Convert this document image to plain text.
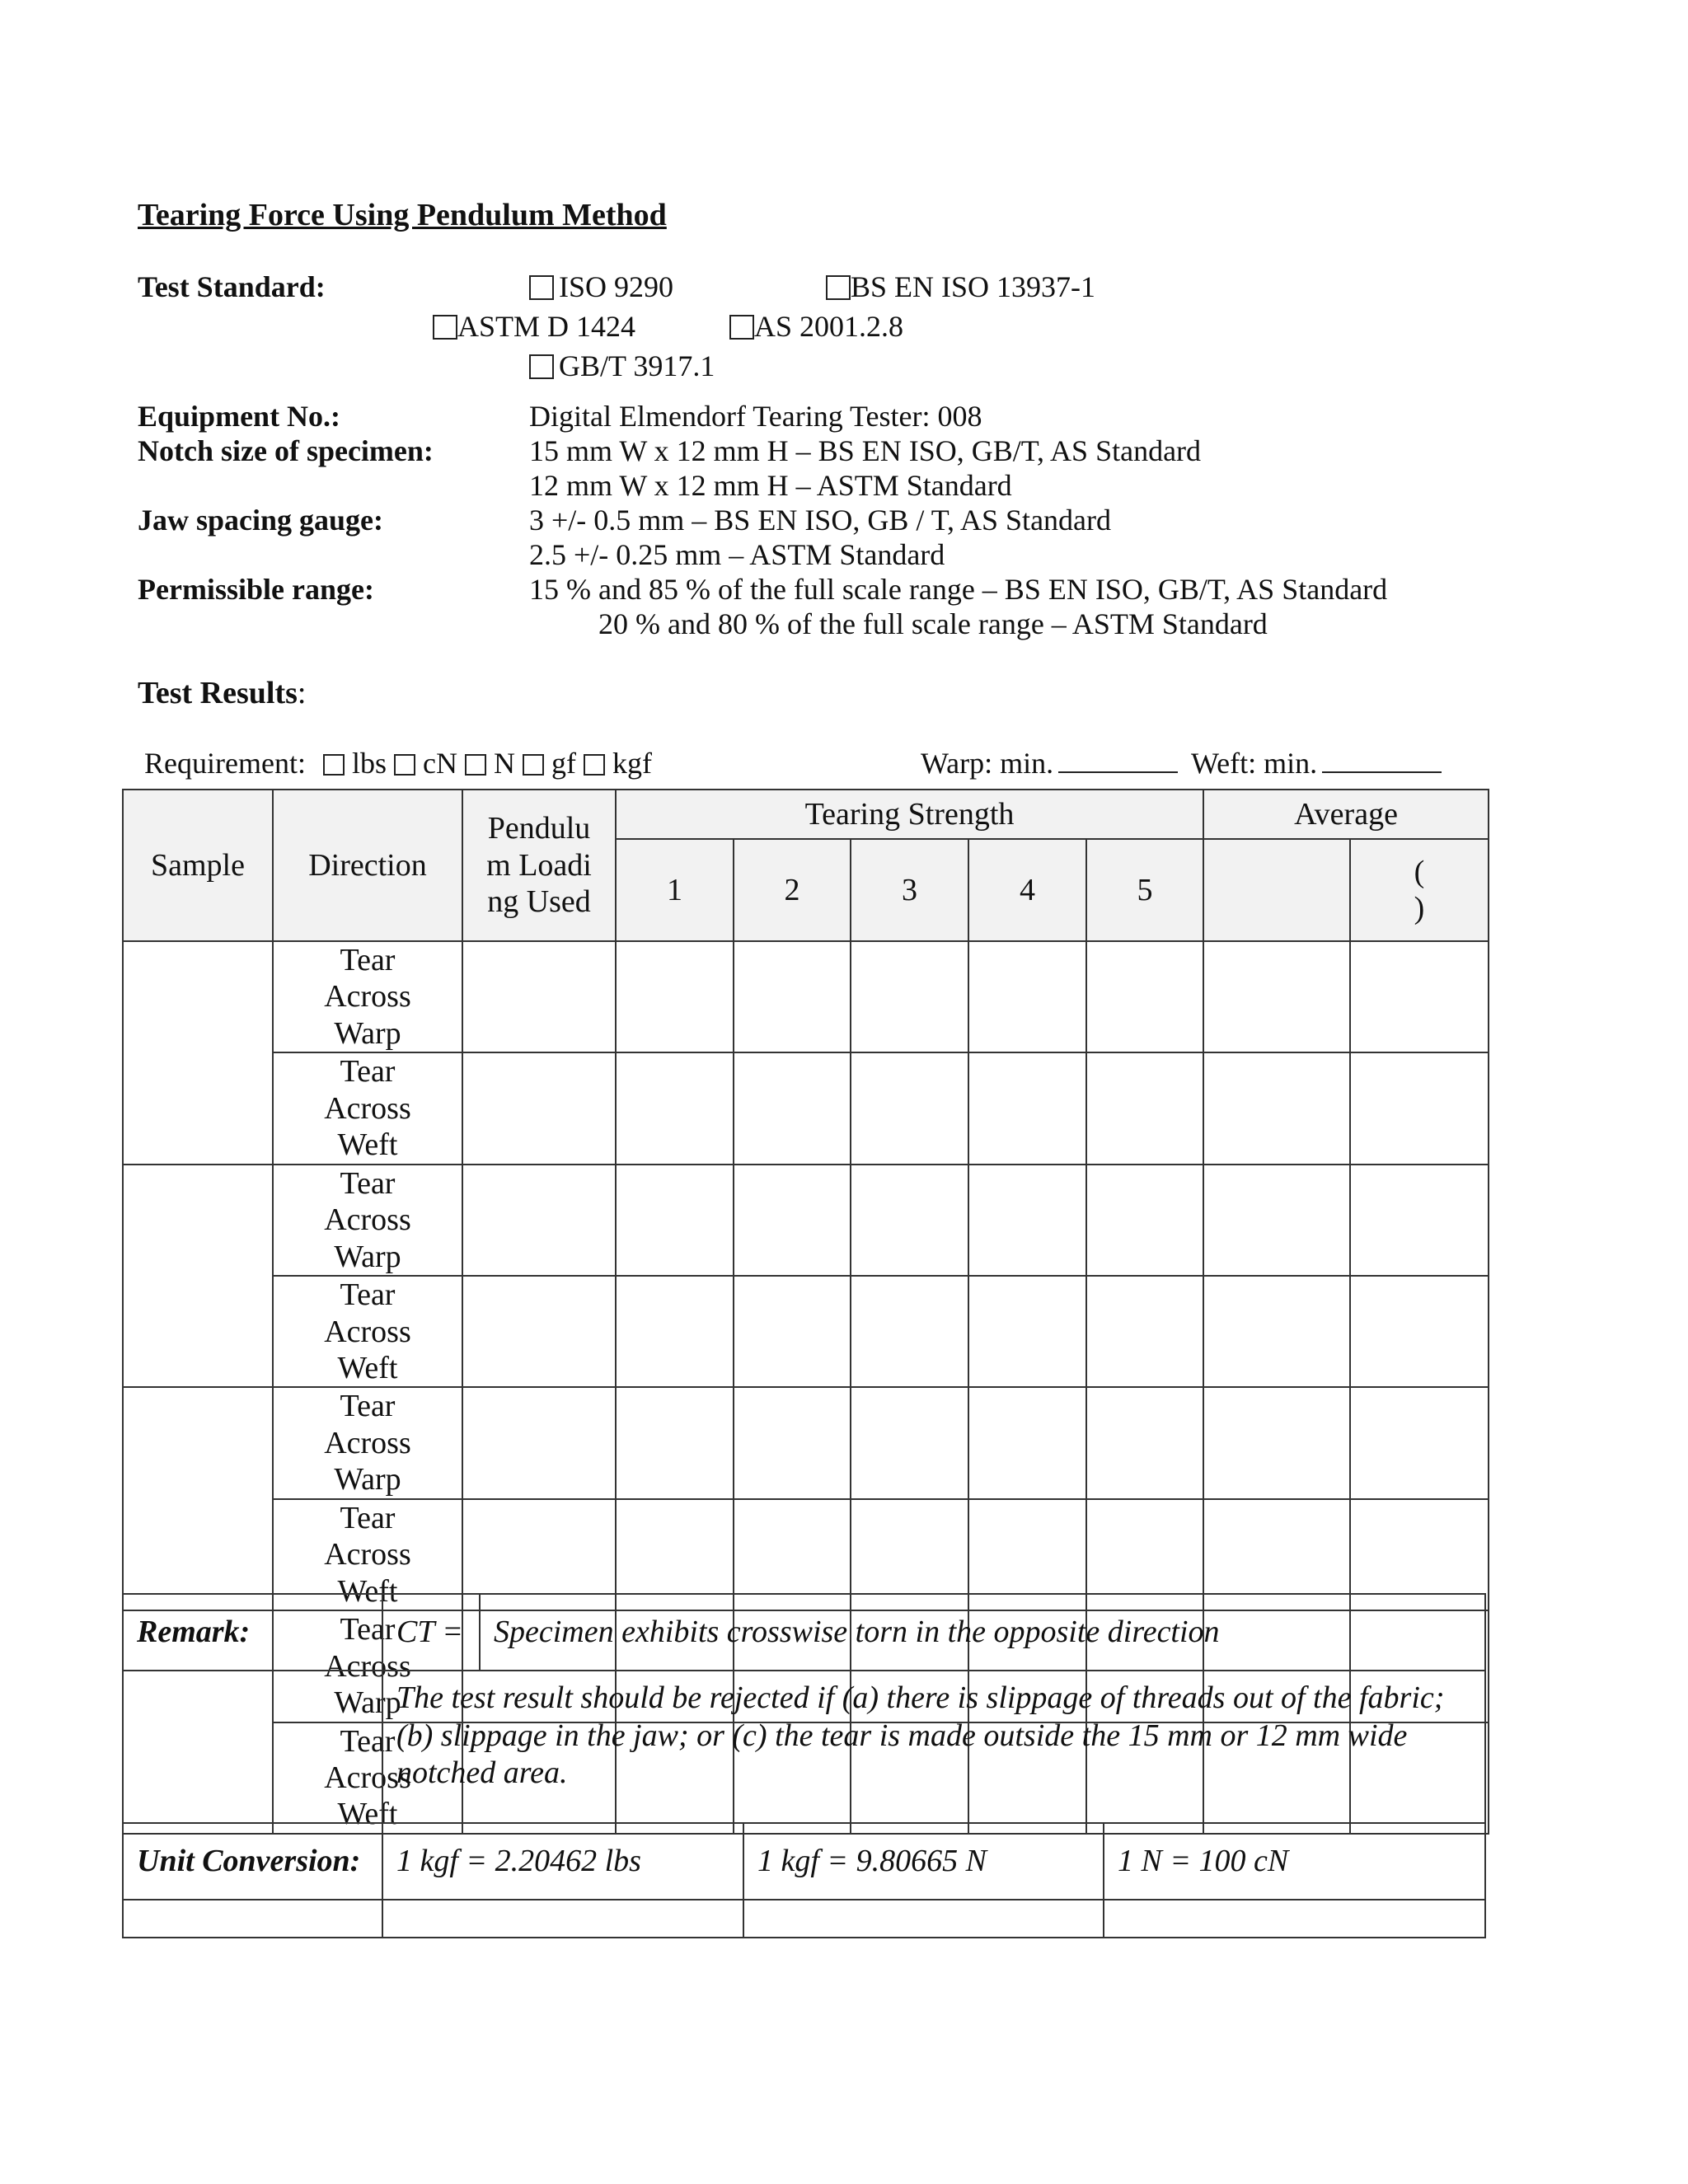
Tearing Force Using Pendulum Method
Test Standard:	ISO 9290	BS EN ISO 13937-1
ASTM D 1424	AS 2001.2.8
GB/T 3917.1
Equipment No.:	Digital Elmendorf Tearing Tester: 008
Notch size of specimen:	15 mm W x 12 mm H – BS EN ISO, GB/T, AS Standard
12 mm W x 12 mm H – ASTM Standard
Jaw spacing gauge:	3 +/- 0.5 mm – BS EN ISO, GB / T, AS Standard
2.5 +/- 0.25 mm – ASTM Standard
Permissible range:	15 % and 85 % of the full scale range – BS EN ISO, GB/T, AS Standard
20 % and 80 % of the full scale range – ASTM Standard
Test Results:
Requirement: lbs cN N gf kgf	Warp: min.	Weft: min.
Sample	Direction	Pendulu m Loading Used	Tearing Strength					Average	
			1	2	3	4	5		(
)

	Tear Across Warp								
	Tear Across Weft								
	Tear Across Warp								
	Tear Across Weft								
	Tear Across Warp								
	Tear Across Weft								
	Tear Across Warp								
	Tear Across Weft								
Remark:	CT =	Specimen exhibits crosswise torn in the opposite direction		
	The test result should be rejected if (a) there is slippage of threads out of the fabric; (b) slippage in the jaw; or (c) the tear is made outside the 15 mm or 12 mm wide notched area.			
Unit Conversion:	1 kgf = 2.20462 lbs		1 kgf = 9.80665 N	1 N = 100 cN
